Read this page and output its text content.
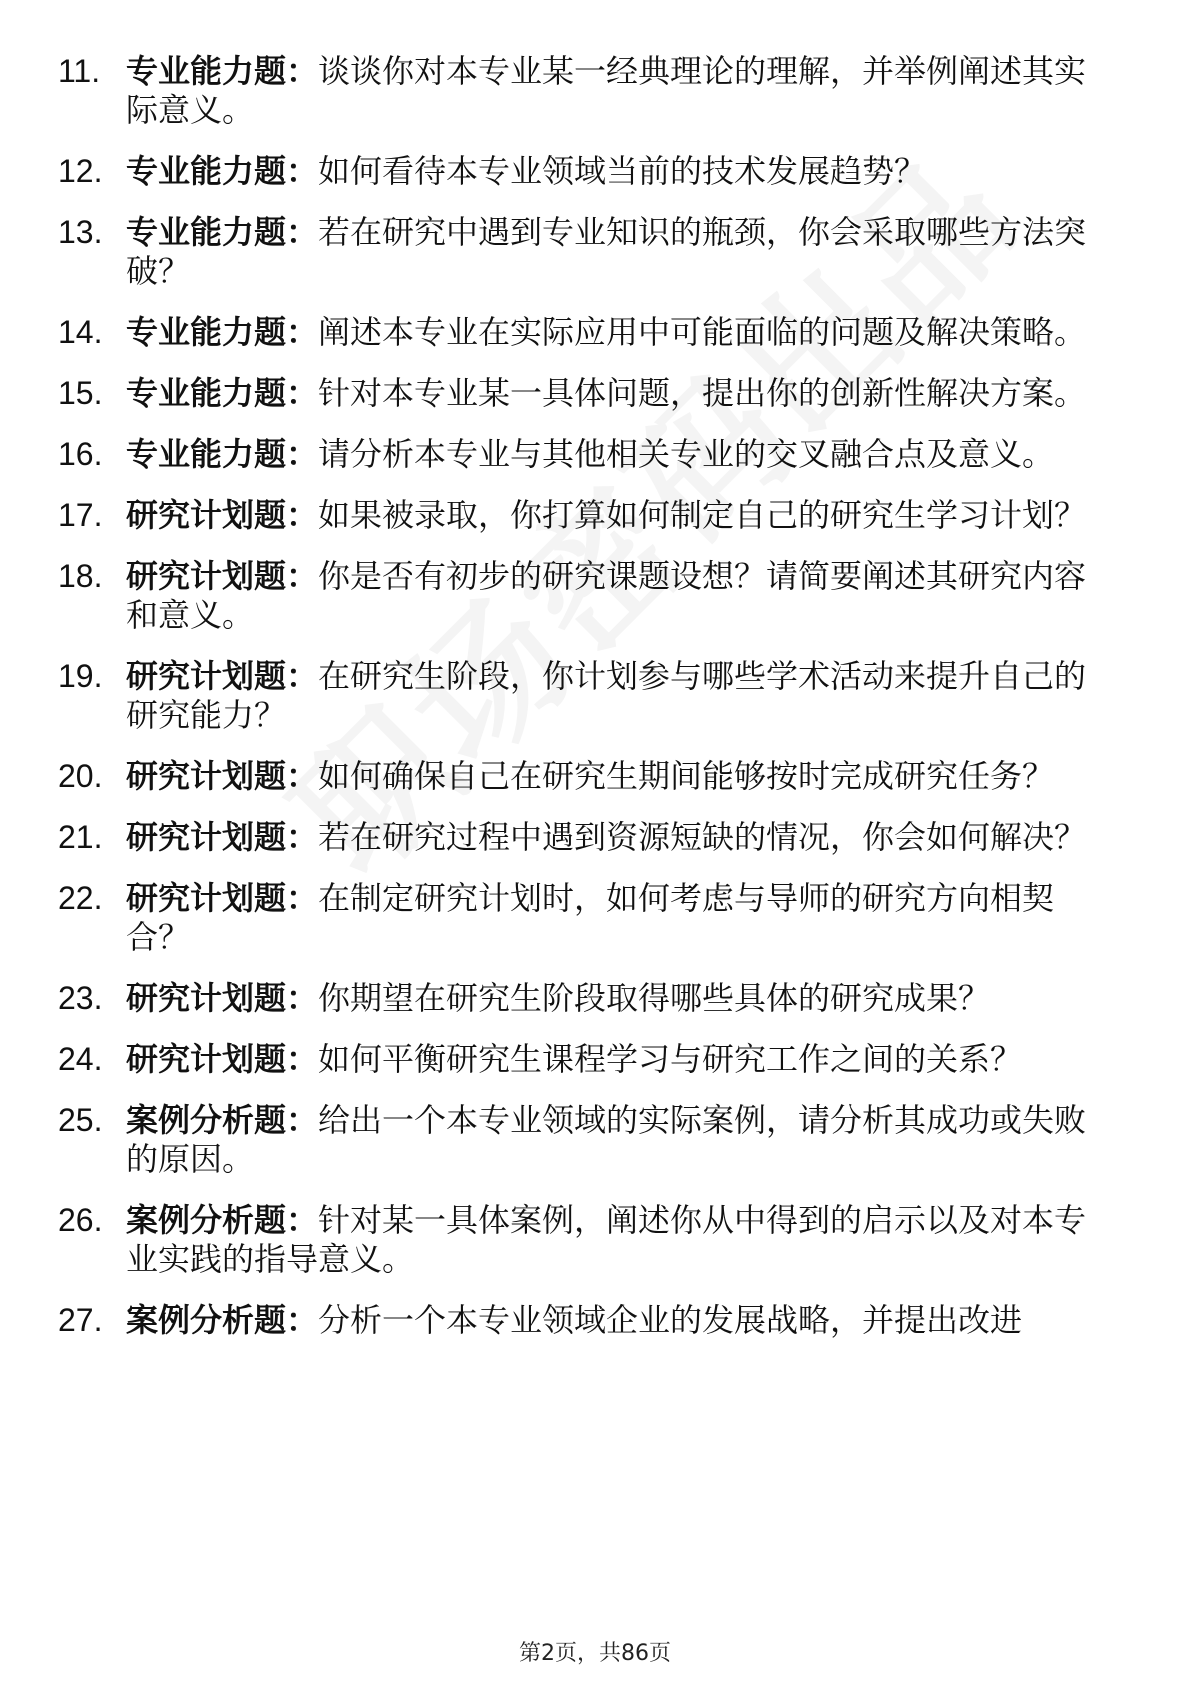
11. 专业能力题：谈谈你对本专业某一经典理论的理解，并举例阐述其实际意义。
12. 专业能力题：如何看待本专业领域当前的技术发展趋势？
13. 专业能力题：若在研究中遇到专业知识的瓶颈，你会采取哪些方法突破？
14. 专业能力题：阐述本专业在实际应用中可能面临的问题及解决策略。
15. 专业能力题：针对本专业某一具体问题，提出你的创新性解决方案。
16. 专业能力题：请分析本专业与其他相关专业的交叉融合点及意义。
17. 研究计划题：如果被录取，你打算如何制定自己的研究生学习计划？
18. 研究计划题：你是否有初步的研究课题设想？请简要阐述其研究内容和意义。
19. 研究计划题：在研究生阶段，你计划参与哪些学术活动来提升自己的研究能力？
20. 研究计划题：如何确保自己在研究生期间能够按时完成研究任务？
21. 研究计划题：若在研究过程中遇到资源短缺的情况，你会如何解决？
22. 研究计划题：在制定研究计划时，如何考虑与导师的研究方向相契合？
23. 研究计划题：你期望在研究生阶段取得哪些具体的研究成果？
24. 研究计划题：如何平衡研究生课程学习与研究工作之间的关系？
25. 案例分析题：给出一个本专业领域的实际案例，请分析其成功或失败的原因。
26. 案例分析题：针对某一具体案例，阐述你从中得到的启示以及对本专业实践的指导意义。
27. 案例分析题：分析一个本专业领域企业的发展战略，并提出改进
第2页，共86页
